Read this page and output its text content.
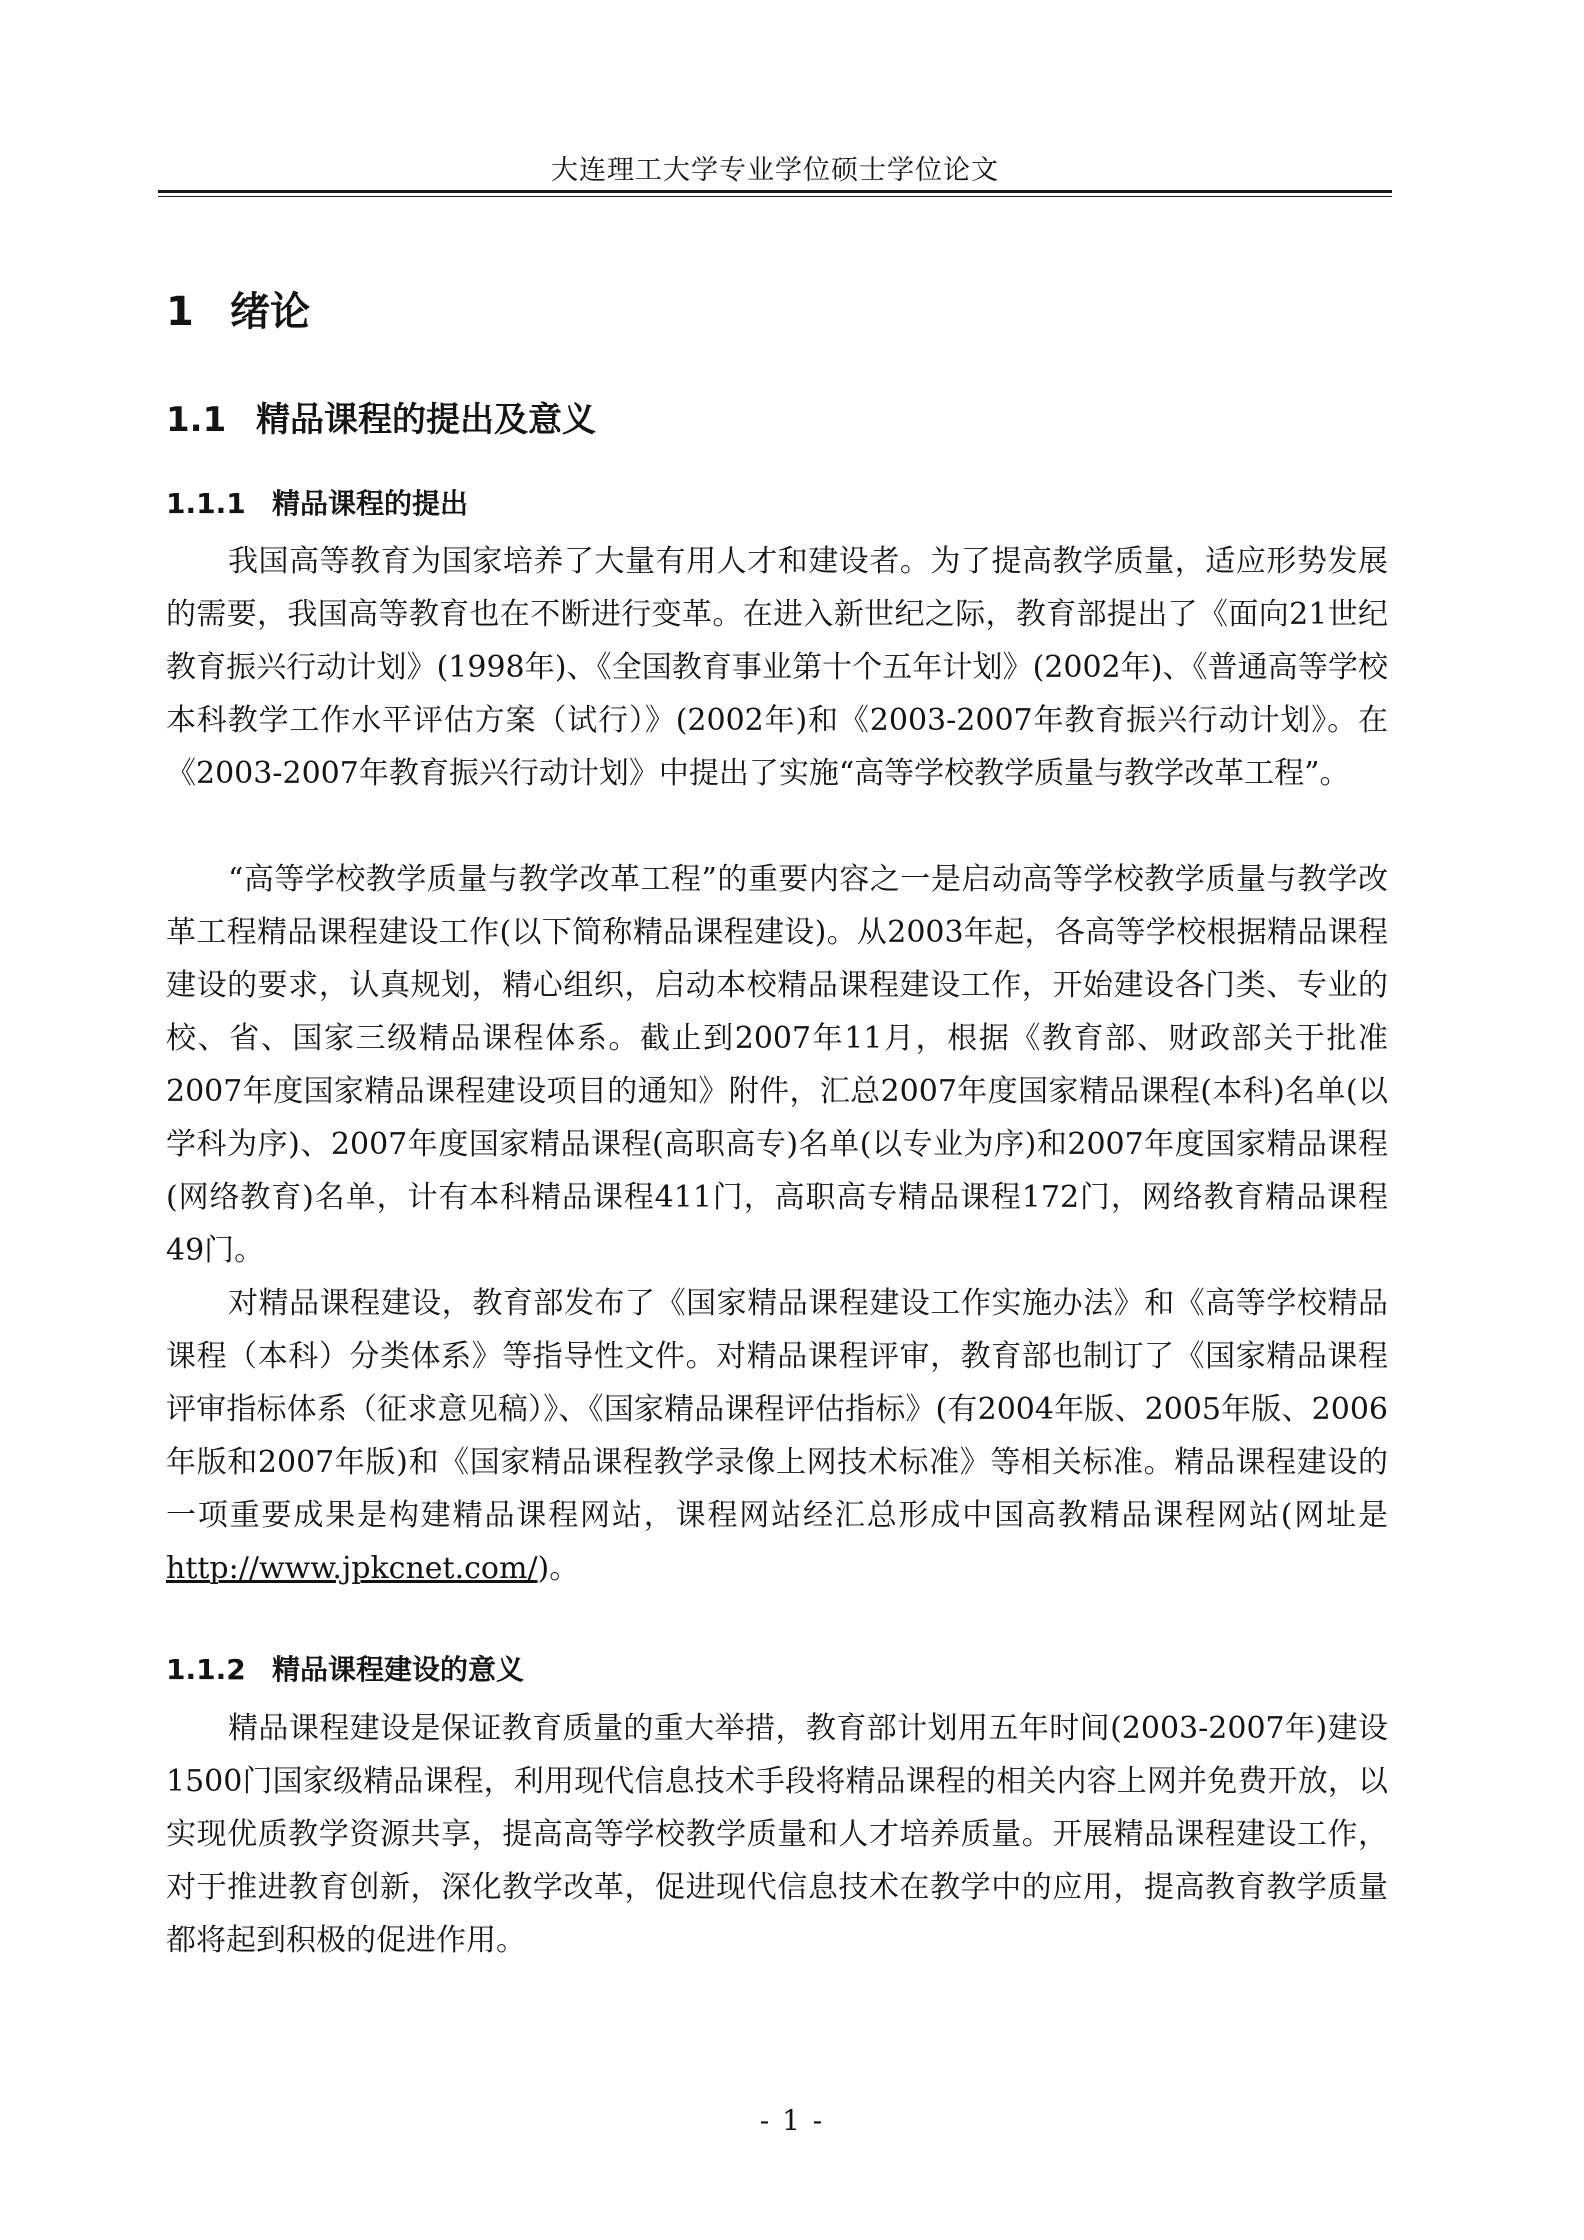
大连理工大学专业学位硕士学位论文
1 绪论
1.1 精品课程的提出及意义
1.1.1 精品课程的提出

我国高等教育为国家培养了大量有用人才和建设者。为了提高教学质量，适应形势发展的需要，我国高等教育也在不断进行变革。在进入新世纪之际，教育部提出了《面向21世纪教育振兴行动计划》(1998年)、《全国教育事业第十个五年计划》(2002年)、《普通高等学校本科教学工作水平评估方案（试行）》(2002年)和《2003-2007年教育振兴行动计划》。在《2003-2007年教育振兴行动计划》中提出了实施“高等学校教学质量与教学改革工程”。

“高等学校教学质量与教学改革工程”的重要内容之一是启动高等学校教学质量与教学改革工程精品课程建设工作(以下简称精品课程建设)。从2003年起，各高等学校根据精品课程建设的要求，认真规划，精心组织，启动本校精品课程建设工作，开始建设各门类、专业的校、省、国家三级精品课程体系。截止到2007年11月，根据《教育部、财政部关于批准2007年度国家精品课程建设项目的通知》附件，汇总2007年度国家精品课程(本科)名单(以学科为序)、2007年度国家精品课程(高职高专)名单(以专业为序)和2007年度国家精品课程(网络教育)名单，计有本科精品课程411门，高职高专精品课程172门，网络教育精品课程49门。

对精品课程建设，教育部发布了《国家精品课程建设工作实施办法》和《高等学校精品课程（本科）分类体系》等指导性文件。对精品课程评审，教育部也制订了《国家精品课程评审指标体系（征求意见稿）》、《国家精品课程评估指标》(有2004年版、2005年版、2006年版和2007年版)和《国家精品课程教学录像上网技术标准》等相关标准。精品课程建设的一项重要成果是构建精品课程网站，课程网站经汇总形成中国高教精品课程网站(网址是http://www.jpkcnet.com/)。

1.1.2 精品课程建设的意义

精品课程建设是保证教育质量的重大举措，教育部计划用五年时间(2003-2007年)建设1500门国家级精品课程，利用现代信息技术手段将精品课程的相关内容上网并免费开放，以实现优质教学资源共享，提高高等学校教学质量和人才培养质量。开展精品课程建设工作，对于推进教育创新，深化教学改革，促进现代信息技术在教学中的应用，提高教育教学质量都将起到积极的促进作用。

- 1 -
